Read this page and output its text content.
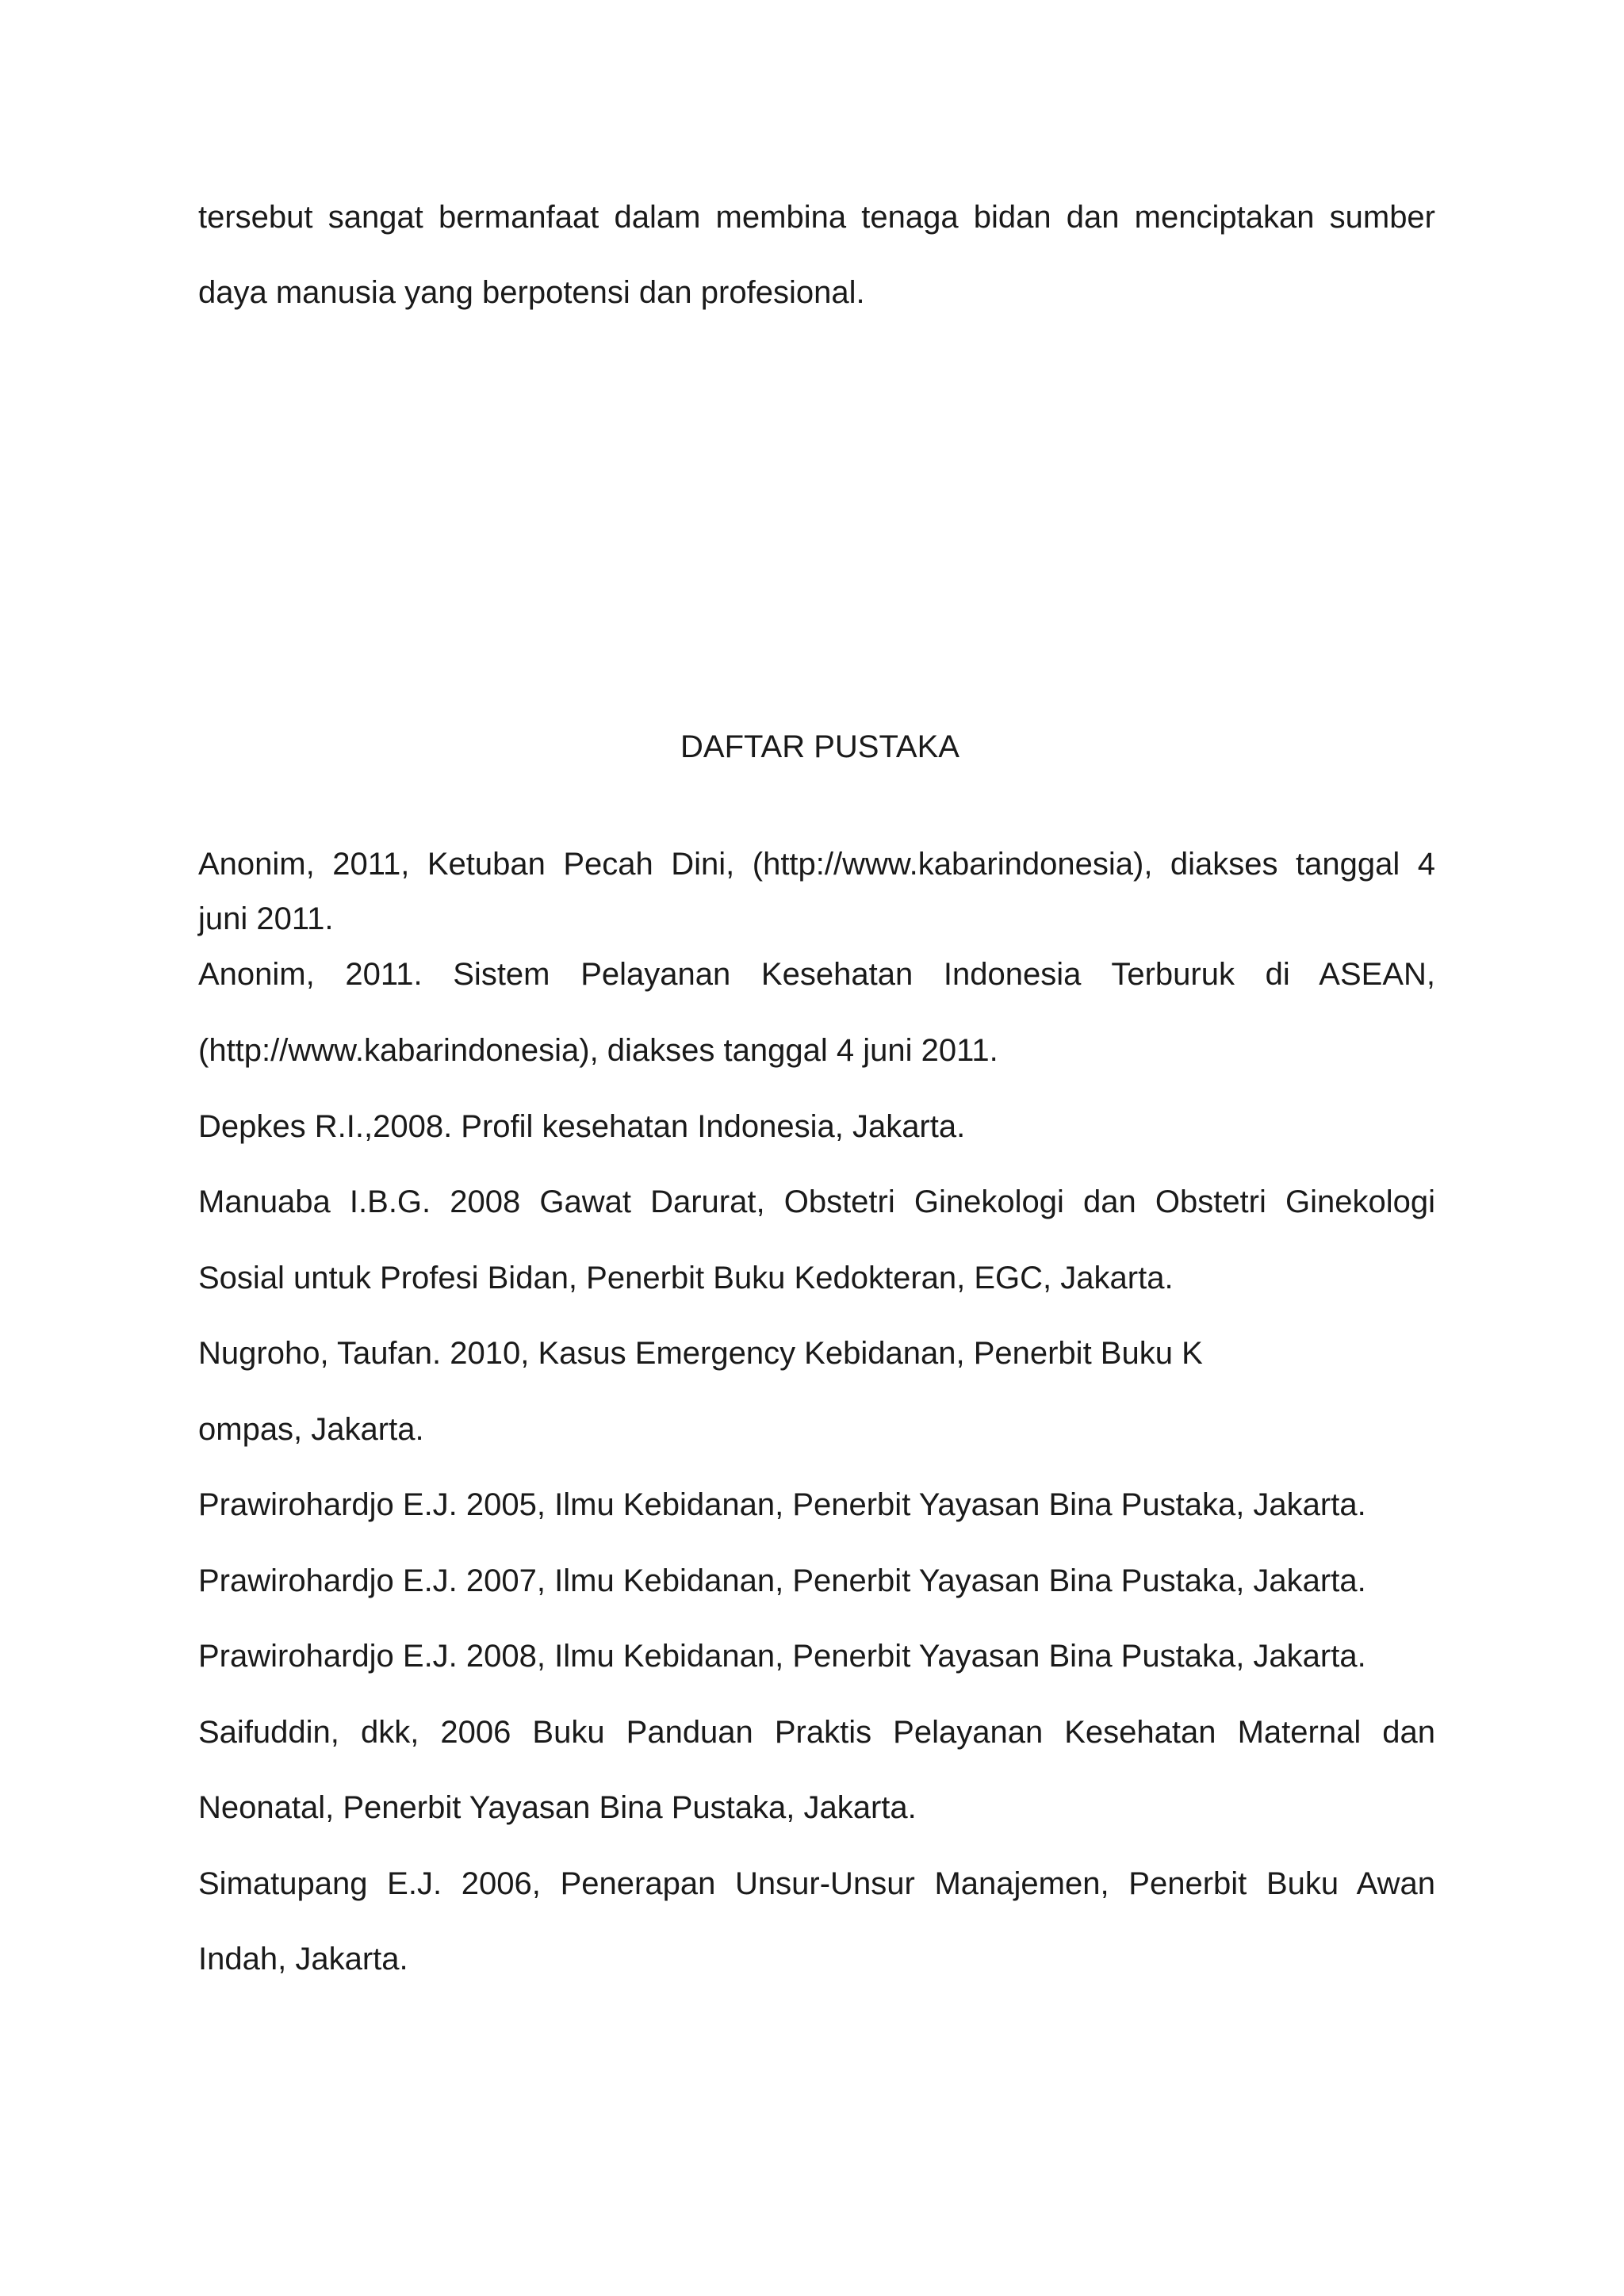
tersebut sangat bermanfaat dalam membina tenaga bidan dan menciptakan sumber
daya manusia yang berpotensi dan profesional.
DAFTAR PUSTAKA
Anonim, 2011, Ketuban Pecah Dini, (http://www.kabarindonesia), diakses tanggal 4
juni 2011.
Anonim, 2011. Sistem Pelayanan Kesehatan Indonesia Terburuk di ASEAN,
(http://www.kabarindonesia), diakses tanggal 4 juni 2011.
Depkes R.I.,2008. Profil kesehatan Indonesia, Jakarta.
Manuaba I.B.G. 2008 Gawat Darurat, Obstetri Ginekologi dan Obstetri Ginekologi
Sosial untuk Profesi Bidan, Penerbit Buku Kedokteran, EGC, Jakarta.
Nugroho, Taufan. 2010, Kasus Emergency Kebidanan, Penerbit Buku K
ompas, Jakarta.
Prawirohardjo E.J. 2005, Ilmu Kebidanan, Penerbit Yayasan Bina Pustaka, Jakarta.
Prawirohardjo E.J. 2007, Ilmu Kebidanan, Penerbit Yayasan Bina Pustaka, Jakarta.
Prawirohardjo E.J. 2008, Ilmu Kebidanan, Penerbit Yayasan Bina Pustaka, Jakarta.
Saifuddin, dkk, 2006 Buku Panduan Praktis Pelayanan Kesehatan Maternal dan
Neonatal, Penerbit Yayasan Bina Pustaka, Jakarta.
Simatupang E.J. 2006, Penerapan Unsur-Unsur Manajemen, Penerbit Buku Awan
Indah, Jakarta.
